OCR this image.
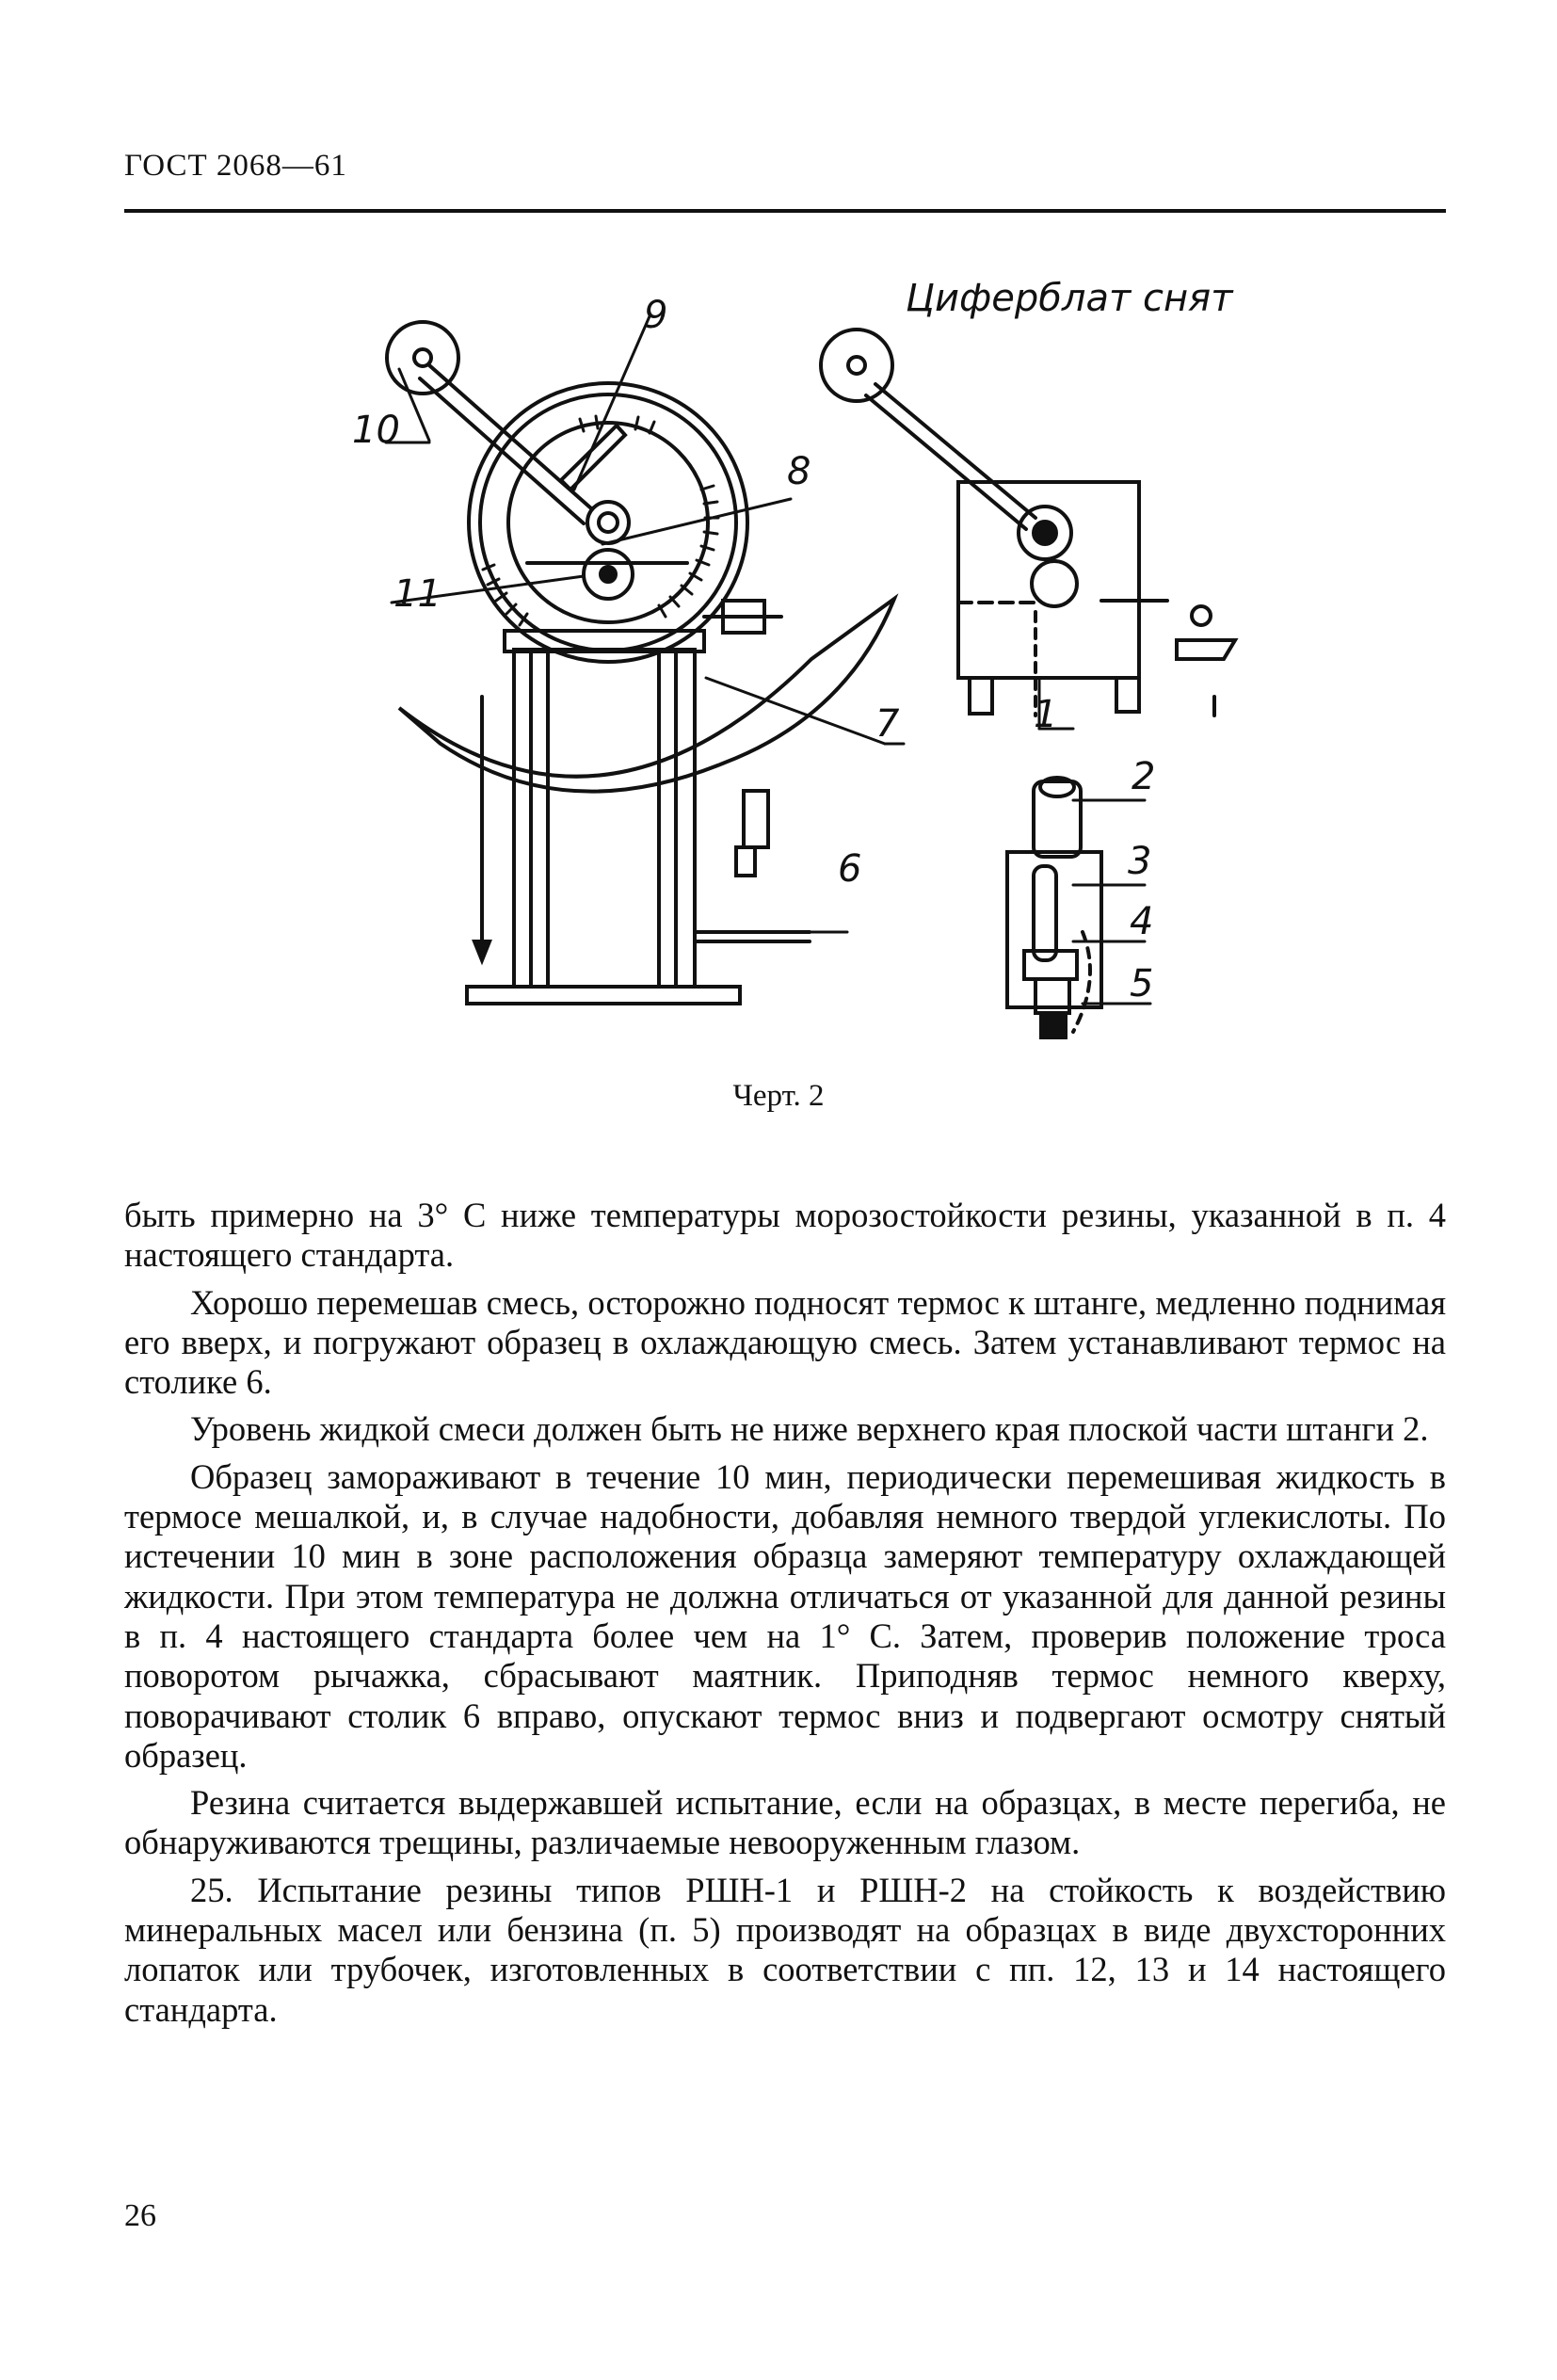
ГОСТ 2068—61
Циферблат снят
1
2
3
4
5
6
7
8
9
10
11
Черт. 2

быть примерно на 3° С ниже температуры морозостойкости резины, указанной в п. 4 настоящего стандарта.

Хорошо перемешав смесь, осторожно подносят термос к штанге, медленно поднимая его вверх, и погружают образец в охлаждающую смесь. Затем устанавливают термос на столике 6.

Уровень жидкой смеси должен быть не ниже верхнего края плоской части штанги 2.

Образец замораживают в течение 10 мин, периодически перемешивая жидкость в термосе мешалкой, и, в случае надобности, добавляя немного твердой углекислоты. По истечении 10 мин в зоне расположения образца замеряют температуру охлаждающей жидкости. При этом температура не должна отличаться от указанной для данной резины в п. 4 настоящего стандарта более чем на 1° С. Затем, проверив положение троса поворотом рычажка, сбрасывают маятник. Приподняв термос немного кверху, поворачивают столик 6 вправо, опускают термос вниз и подвергают осмотру снятый образец.

Резина считается выдержавшей испытание, если на образцах, в месте перегиба, не обнаруживаются трещины, различаемые невооруженным глазом.

25. Испытание резины типов РШН-1 и РШН-2 на стойкость к воздействию минеральных масел или бензина (п. 5) производят на образцах в виде двухсторонних лопаток или трубочек, изготовленных в соответствии с пп. 12, 13 и 14 настоящего стандарта.

26
